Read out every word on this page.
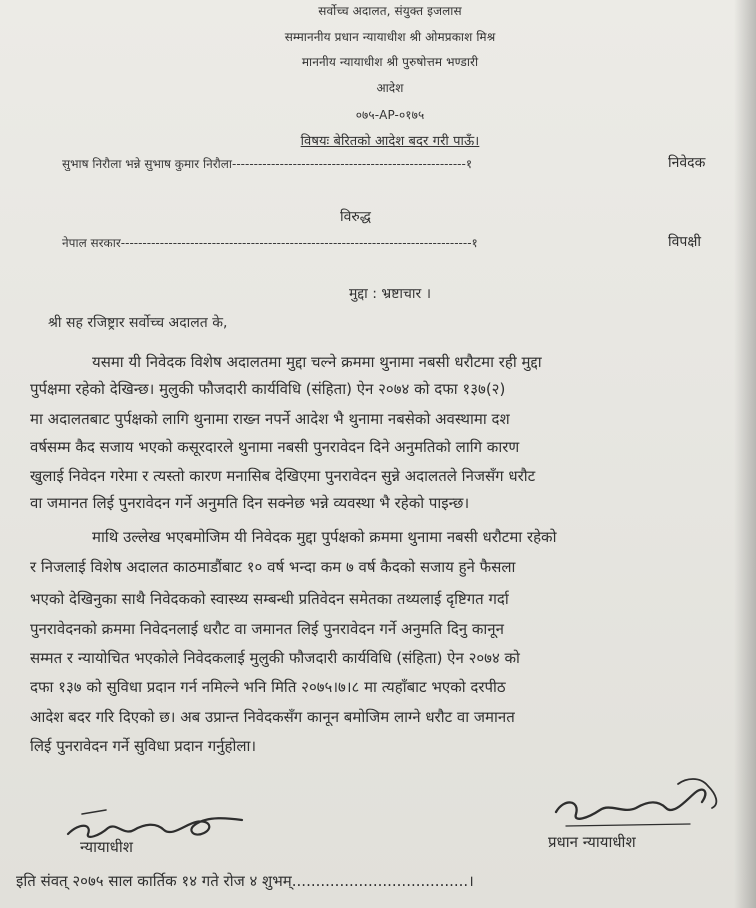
सर्वोच्च अदालत, संयुक्त इजलास
सम्माननीय प्रधान न्यायाधीश श्री ओमप्रकाश मिश्र
माननीय न्यायाधीश श्री पुरुषोत्तम भण्डारी
आदेश
०७५-AP-०१७५
विषयः बेरितको आदेश बदर गरी पाऊँ।
सुभाष निरौला भन्ने सुभाष कुमार निरौला------------------------------------------------------१	निवेदक
विरुद्ध
नेपाल सरकार---------------------------------------------------------------------------------१	विपक्षी
मुद्दा : भ्रष्टाचार ।
श्री सह रजिष्ट्रार सर्वोच्च अदालत के,
यसमा यी निवेदक विशेष अदालतमा मुद्दा चल्ने क्रममा थुनामा नबसी धरौटमा रही मुद्दा
पुर्पक्षमा रहेको देखिन्छ। मुलुकी फौजदारी कार्यविधि (संहिता) ऐन २०७४ को दफा १३७(२)
मा अदालतबाट पुर्पक्षको लागि थुनामा राख्न नपर्ने आदेश भै थुनामा नबसेको अवस्थामा दश
वर्षसम्म कैद सजाय भएको कसूरदारले थुनामा नबसी पुनरावेदन दिने अनुमतिको लागि कारण
खुलाई निवेदन गरेमा र त्यस्तो कारण मनासिब देखिएमा पुनरावेदन सुन्ने अदालतले निजसँग धरौट
वा जमानत लिई पुनरावेदन गर्ने अनुमति दिन सक्नेछ भन्ने व्यवस्था भै रहेको पाइन्छ।
माथि उल्लेख भएबमोजिम यी निवेदक मुद्दा पुर्पक्षको क्रममा थुनामा नबसी धरौटमा रहेको
र निजलाई विशेष अदालत काठमाडौंबाट १० वर्ष भन्दा कम ७ वर्ष कैदको सजाय हुने फैसला
भएको देखिनुका साथै निवेदकको स्वास्थ्य सम्बन्धी प्रतिवेदन समेतका तथ्यलाई दृष्टिगत गर्दा
पुनरावेदनको क्रममा निवेदनलाई धरौट वा जमानत लिई पुनरावेदन गर्ने अनुमति दिनु कानून
सम्मत र न्यायोचित भएकोले निवेदकलाई मुलुकी फौजदारी कार्यविधि (संहिता) ऐन २०७४ को
दफा १३७ को सुविधा प्रदान गर्न नमिल्ने भनि मिति २०७५।७।८ मा त्यहाँबाट भएको दरपीठ
आदेश बदर गरि दिएको छ। अब उप्रान्त निवेदकसँग कानून बमोजिम लाग्ने धरौट वा जमानत
लिई पुनरावेदन गर्ने सुविधा प्रदान गर्नुहोला।
न्यायाधीश	प्रधान न्यायाधीश
इति संवत् २०७५ साल कार्तिक १४ गते रोज ४ शुभम्.....................................।
